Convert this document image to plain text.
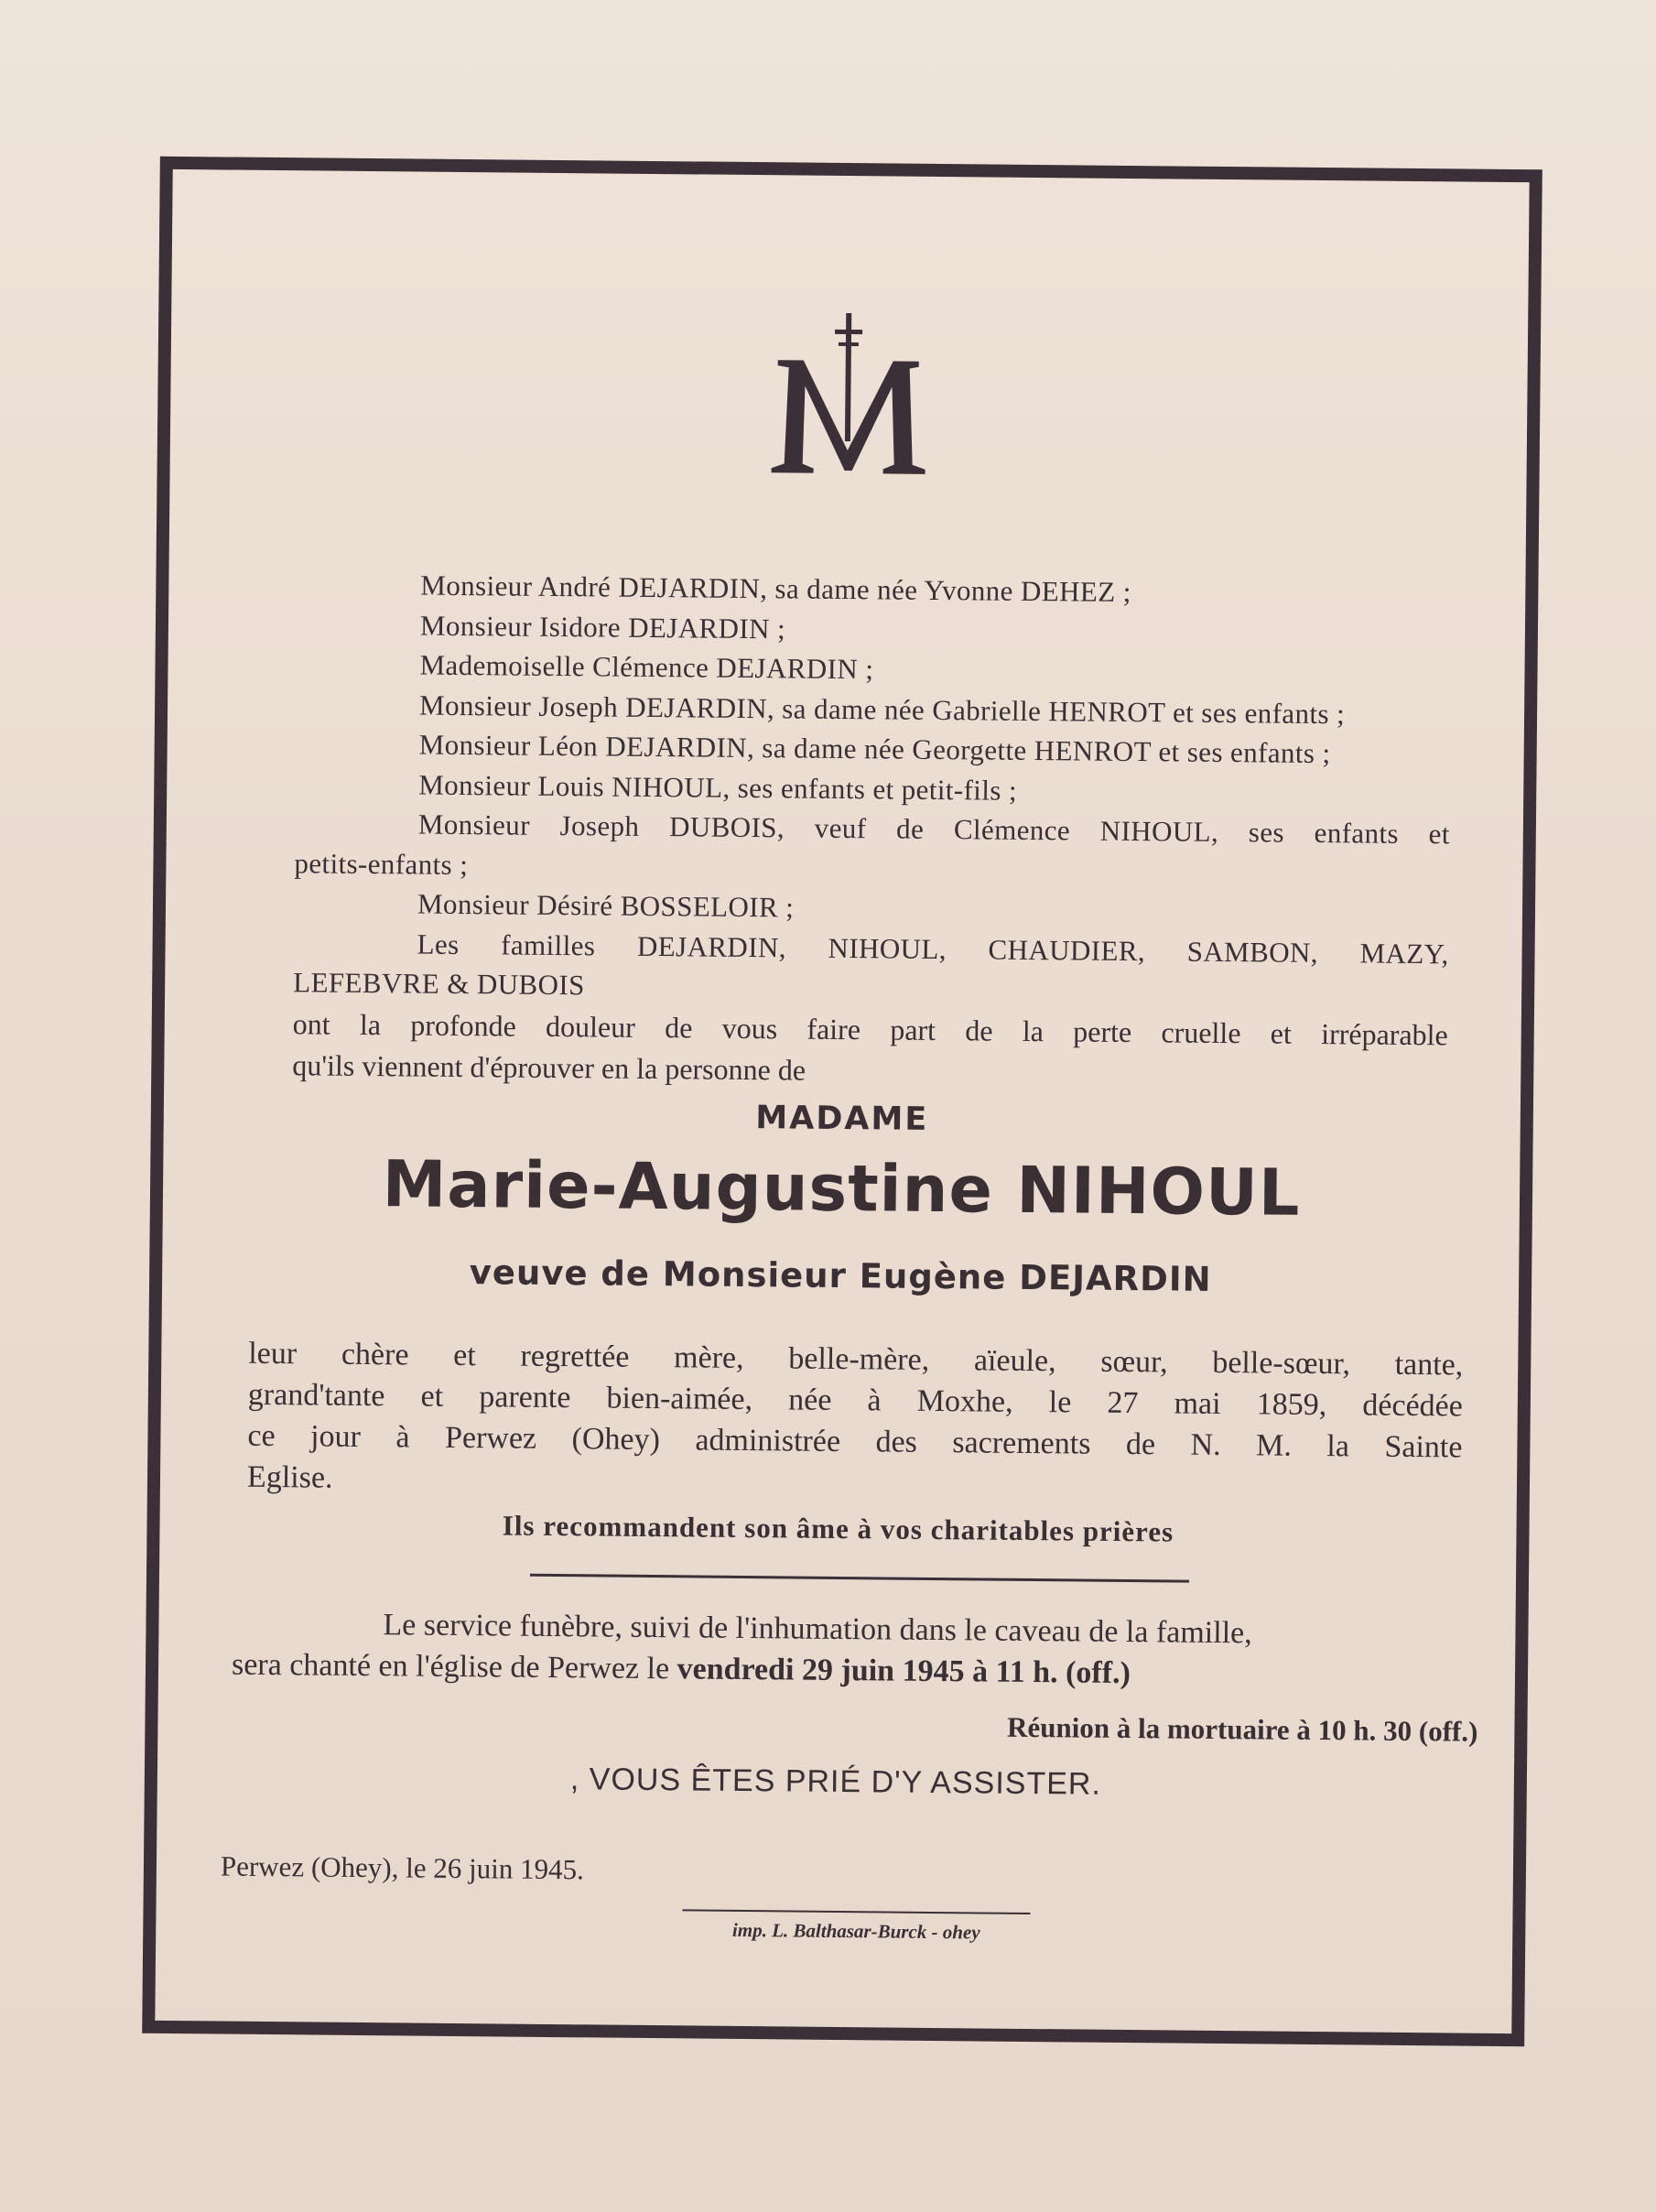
Monsieur André DEJARDIN, sa dame née Yvonne DEHEZ ;
Monsieur Isidore DEJARDIN ;
Mademoiselle Clémence DEJARDIN ;
Monsieur Joseph DEJARDIN, sa dame née Gabrielle HENROT et ses enfants ;
Monsieur Léon DEJARDIN, sa dame née Georgette HENROT et ses enfants ;
Monsieur Louis NIHOUL, ses enfants et petit-fils ;
Monsieur Joseph DUBOIS, veuf de Clémence NIHOUL, ses enfants et
petits-enfants ;
Monsieur Désiré BOSSELOIR ;
Les familles DEJARDIN, NIHOUL, CHAUDIER, SAMBON, MAZY,
LEFEBVRE & DUBOIS
ont la profonde douleur de vous faire part de la perte cruelle et irréparable
qu'ils viennent d'éprouver en la personne de
MADAME
Marie-Augustine NIHOUL
veuve de Monsieur Eugène DEJARDIN
leur chère et regrettée mère, belle-mère, aïeule, sœur, belle-sœur, tante,
grand'tante et parente bien-aimée, née à Moxhe, le 27 mai 1859, décédée
ce jour à Perwez (Ohey) administrée des sacrements de N. M. la Sainte
Eglise.
Ils recommandent son âme à vos charitables prières
Le service funèbre, suivi de l'inhumation dans le caveau de la famille,
sera chanté en l'église de Perwez le vendredi 29 juin 1945 à 11 h. (off.)
Réunion à la mortuaire à 10 h. 30 (off.)
, VOUS ÊTES PRIÉ D'Y ASSISTER.
Perwez (Ohey), le 26 juin 1945.
imp. L. Balthasar-Burck - ohey
